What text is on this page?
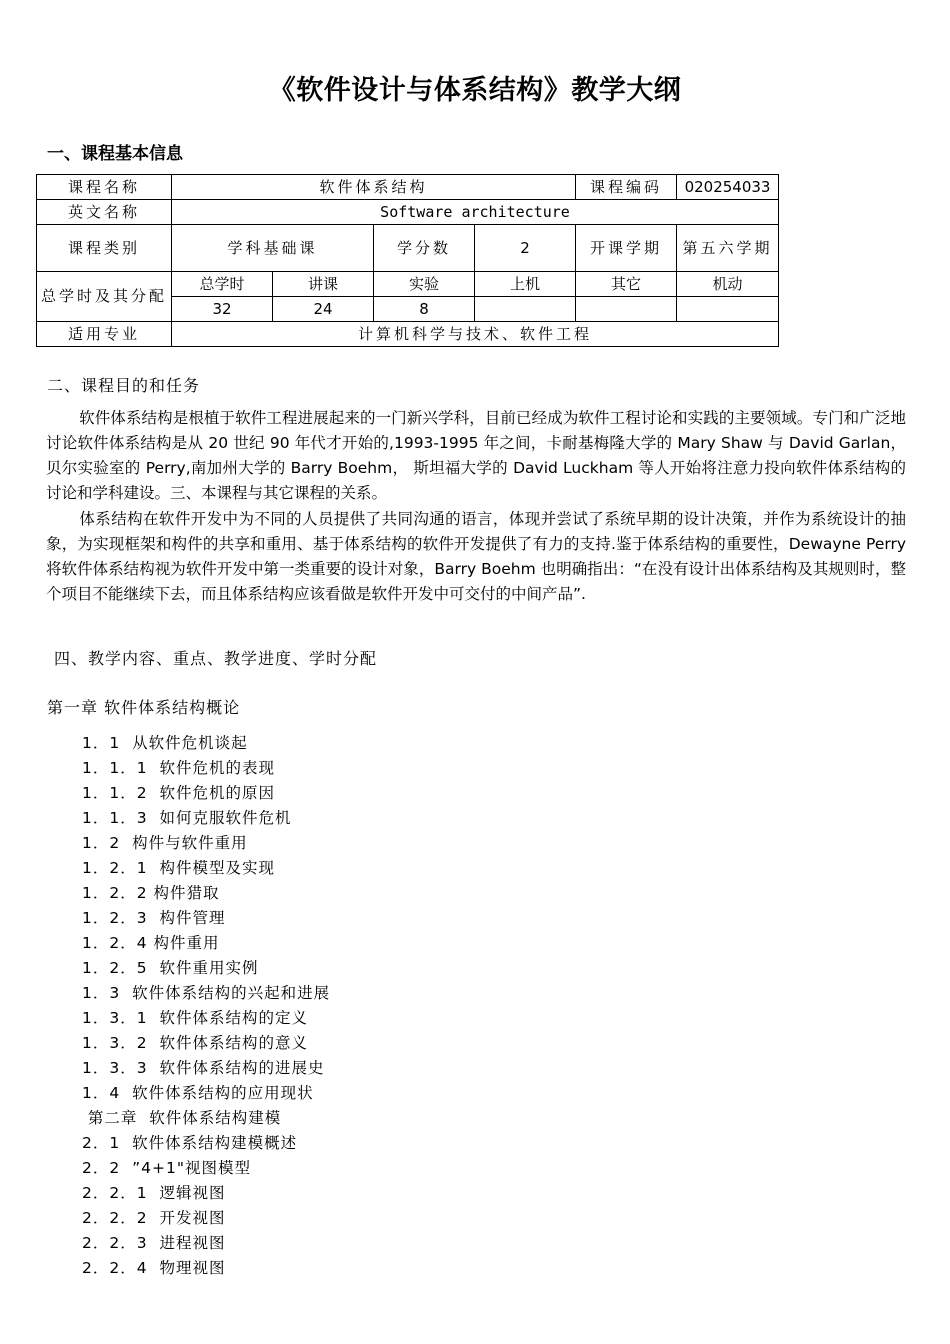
《软件设计与体系结构》教学大纲
一、课程基本信息
课程名称	软件体系结构				课程编码	020254033
英文名称	Software architecture					
课程类别	学科基础课		学分数	2	开课学期	第五六学期
总学时及其分配	总学时	讲课	实验	上机	其它	机动
	32	24	8			
适用专业	计算机科学与技术、软件工程					
二、课程目的和任务

软件体系结构是根植于软件工程进展起来的一门新兴学科，目前已经成为软件工程讨论和实践的主要领域。专门和广泛地讨论软件体系结构是从 20 世纪 90 年代才开始的,1993-1995 年之间，卡耐基梅隆大学的 Mary Shaw 与 David Garlan， 贝尔实验室的 Perry,南加州大学的 Barry Boehm， 斯坦福大学的 David Luckham 等人开始将注意力投向软件体系结构的讨论和学科建设。三、本课程与其它课程的关系。

体系结构在软件开发中为不同的人员提供了共同沟通的语言，体现并尝试了系统早期的设计决策，并作为系统设计的抽象，为实现框架和构件的共享和重用、基于体系结构的软件开发提供了有力的支持.鉴于体系结构的重要性，Dewayne Perry 将软件体系结构视为软件开发中第一类重要的设计对象，Barry Boehm 也明确指出：“在没有设计出体系结构及其规则时，整个项目不能继续下去，而且体系结构应该看做是软件开发中可交付的中间产品”.

四、教学内容、重点、教学进度、学时分配
第一章 软件体系结构概论
1．1  从软件危机谈起
1．1．1  软件危机的表现
1．1．2  软件危机的原因
1．1．3  如何克服软件危机
1．2  构件与软件重用
1．2．1  构件模型及实现
1．2．2 构件猎取
1．2．3  构件管理
1．2．4 构件重用
1．2．5  软件重用实例
1．3  软件体系结构的兴起和进展
1．3．1  软件体系结构的定义
1．3．2  软件体系结构的意义
1．3．3  软件体系结构的进展史
1．4  软件体系结构的应用现状
第二章  软件体系结构建模
2．1  软件体系结构建模概述
2．2  ”4+1"视图模型
2．2．1  逻辑视图
2．2．2  开发视图
2．2．3  进程视图
2．2．4  物理视图
